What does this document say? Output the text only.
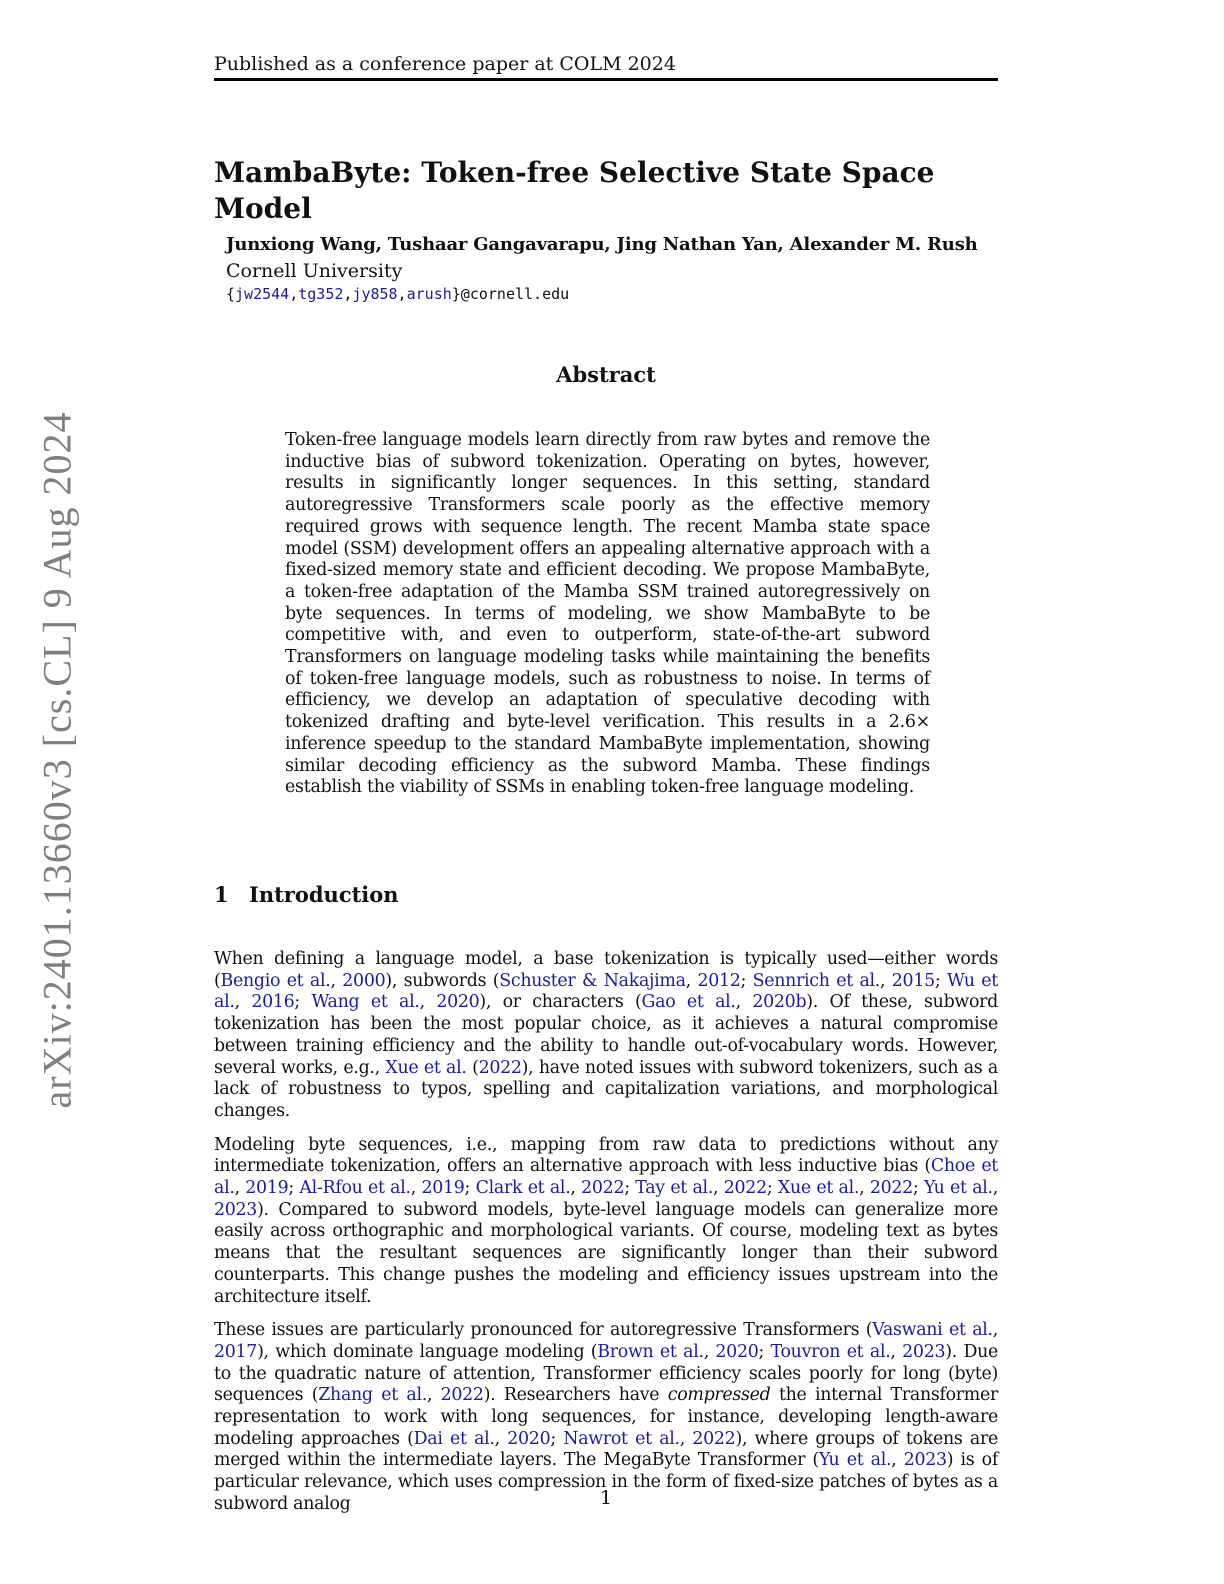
Published as a conference paper at COLM 2024
arXiv:2401.13660v3 [cs.CL] 9 Aug 2024
MambaByte: Token-free Selective State Space Model
Junxiong Wang, Tushaar Gangavarapu, Jing Nathan Yan, Alexander M. Rush
Cornell University
{jw2544,tg352,jy858,arush}@cornell.edu
Abstract
Token-free language models learn directly from raw bytes and remove the inductive bias of subword tokenization. Operating on bytes, however, results in significantly longer sequences. In this setting, standard autoregressive Transformers scale poorly as the effective memory required grows with sequence length. The recent Mamba state space model (SSM) development offers an appealing alternative approach with a fixed-sized memory state and efficient decoding. We propose MambaByte, a token-free adaptation of the Mamba SSM trained autoregressively on byte sequences. In terms of modeling, we show MambaByte to be competitive with, and even to outperform, state-of-the-art subword Transformers on language modeling tasks while maintaining the benefits of token-free language models, such as robustness to noise. In terms of efficiency, we develop an adaptation of speculative decoding with tokenized drafting and byte-level verification. This results in a 2.6× inference speedup to the standard MambaByte implementation, showing similar decoding efficiency as the subword Mamba. These findings establish the viability of SSMs in enabling token-free language modeling.
1 Introduction

When defining a language model, a base tokenization is typically used—either words (Bengio et al., 2000), subwords (Schuster & Nakajima, 2012; Sennrich et al., 2015; Wu et al., 2016; Wang et al., 2020), or characters (Gao et al., 2020b). Of these, subword tokenization has been the most popular choice, as it achieves a natural compromise between training efficiency and the ability to handle out-of-vocabulary words. However, several works, e.g., Xue et al. (2022), have noted issues with subword tokenizers, such as a lack of robustness to typos, spelling and capitalization variations, and morphological changes.

Modeling byte sequences, i.e., mapping from raw data to predictions without any intermediate tokenization, offers an alternative approach with less inductive bias (Choe et al., 2019; Al-Rfou et al., 2019; Clark et al., 2022; Tay et al., 2022; Xue et al., 2022; Yu et al., 2023). Compared to subword models, byte-level language models can generalize more easily across orthographic and morphological variants. Of course, modeling text as bytes means that the resultant sequences are significantly longer than their subword counterparts. This change pushes the modeling and efficiency issues upstream into the architecture itself.

These issues are particularly pronounced for autoregressive Transformers (Vaswani et al., 2017), which dominate language modeling (Brown et al., 2020; Touvron et al., 2023). Due to the quadratic nature of attention, Transformer efficiency scales poorly for long (byte) sequences (Zhang et al., 2022). Researchers have compressed the internal Transformer representation to work with long sequences, for instance, developing length-aware modeling approaches (Dai et al., 2020; Nawrot et al., 2022), where groups of tokens are merged within the intermediate layers. The MegaByte Transformer (Yu et al., 2023) is of particular relevance, which uses compression in the form of fixed-size patches of bytes as a subword analog	1
